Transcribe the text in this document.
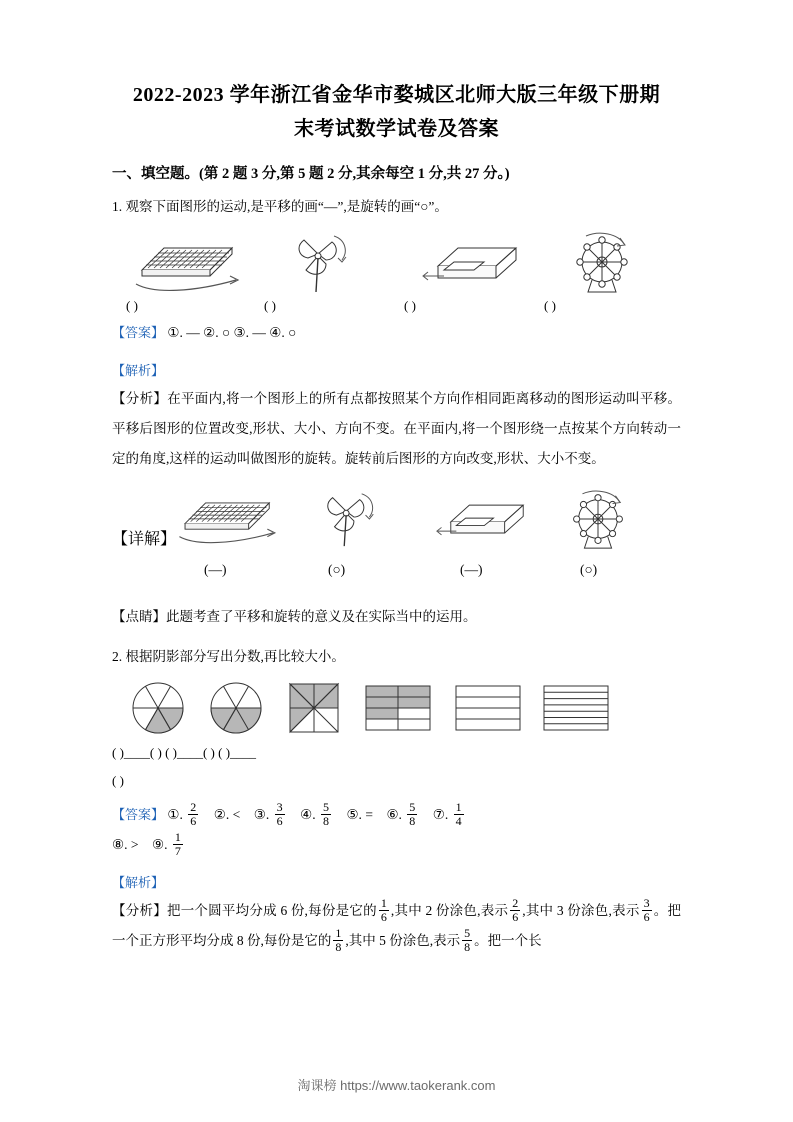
2022-2023 学年浙江省金华市婺城区北师大版三年级下册期
末考试数学试卷及答案
一、填空题。(第 2 题 3 分,第 5 题 2 分,其余每空 1 分,共 27 分。)
1. 观察下面图形的运动,是平移的画“—”,是旋转的画“○”。
( )	( )	( )	( )
【答案】 ①. — ②. ○ ③. — ④. ○
【解析】
【分析】在平面内,将一个图形上的所有点都按照某个方向作相同距离移动的图形运动叫平移。平移后图形的位置改变,形状、大小、方向不变。在平面内,将一个图形绕一点按某个方向转动一定的角度,这样的运动叫做图形的旋转。旋转前后图形的方向改变,形状、大小不变。
【详解】
(—)	(○)	(—)	(○)
【点睛】此题考查了平移和旋转的意义及在实际当中的运用。
2. 根据阴影部分写出分数,再比较大小。
( )____( ) ( )____( ) ( )____
( )
【答案】 ①. $\frac{2}{6}$ ②. < ③. $\frac{3}{6}$ ④. $\frac{5}{8}$ ⑤. = ⑥. $\frac{5}{8}$ ⑦. $\frac{1}{4}$
⑧. > ⑨. $\frac{1}{7}$
【解析】
【分析】把一个圆平均分成 6 份,每份是它的 $\frac{1}{6}$ ,其中 2 份涂色,表示 $\frac{2}{6}$ ,其中 3 份涂色,表示 $\frac{3}{6}$ 。把一个正方形平均分成 8 份,每份是它的 $\frac{1}{8}$ ,其中 5 份涂色,表示 $\frac{5}{8}$ 。把一个长
淘课榜 https://www.taokerank.com
